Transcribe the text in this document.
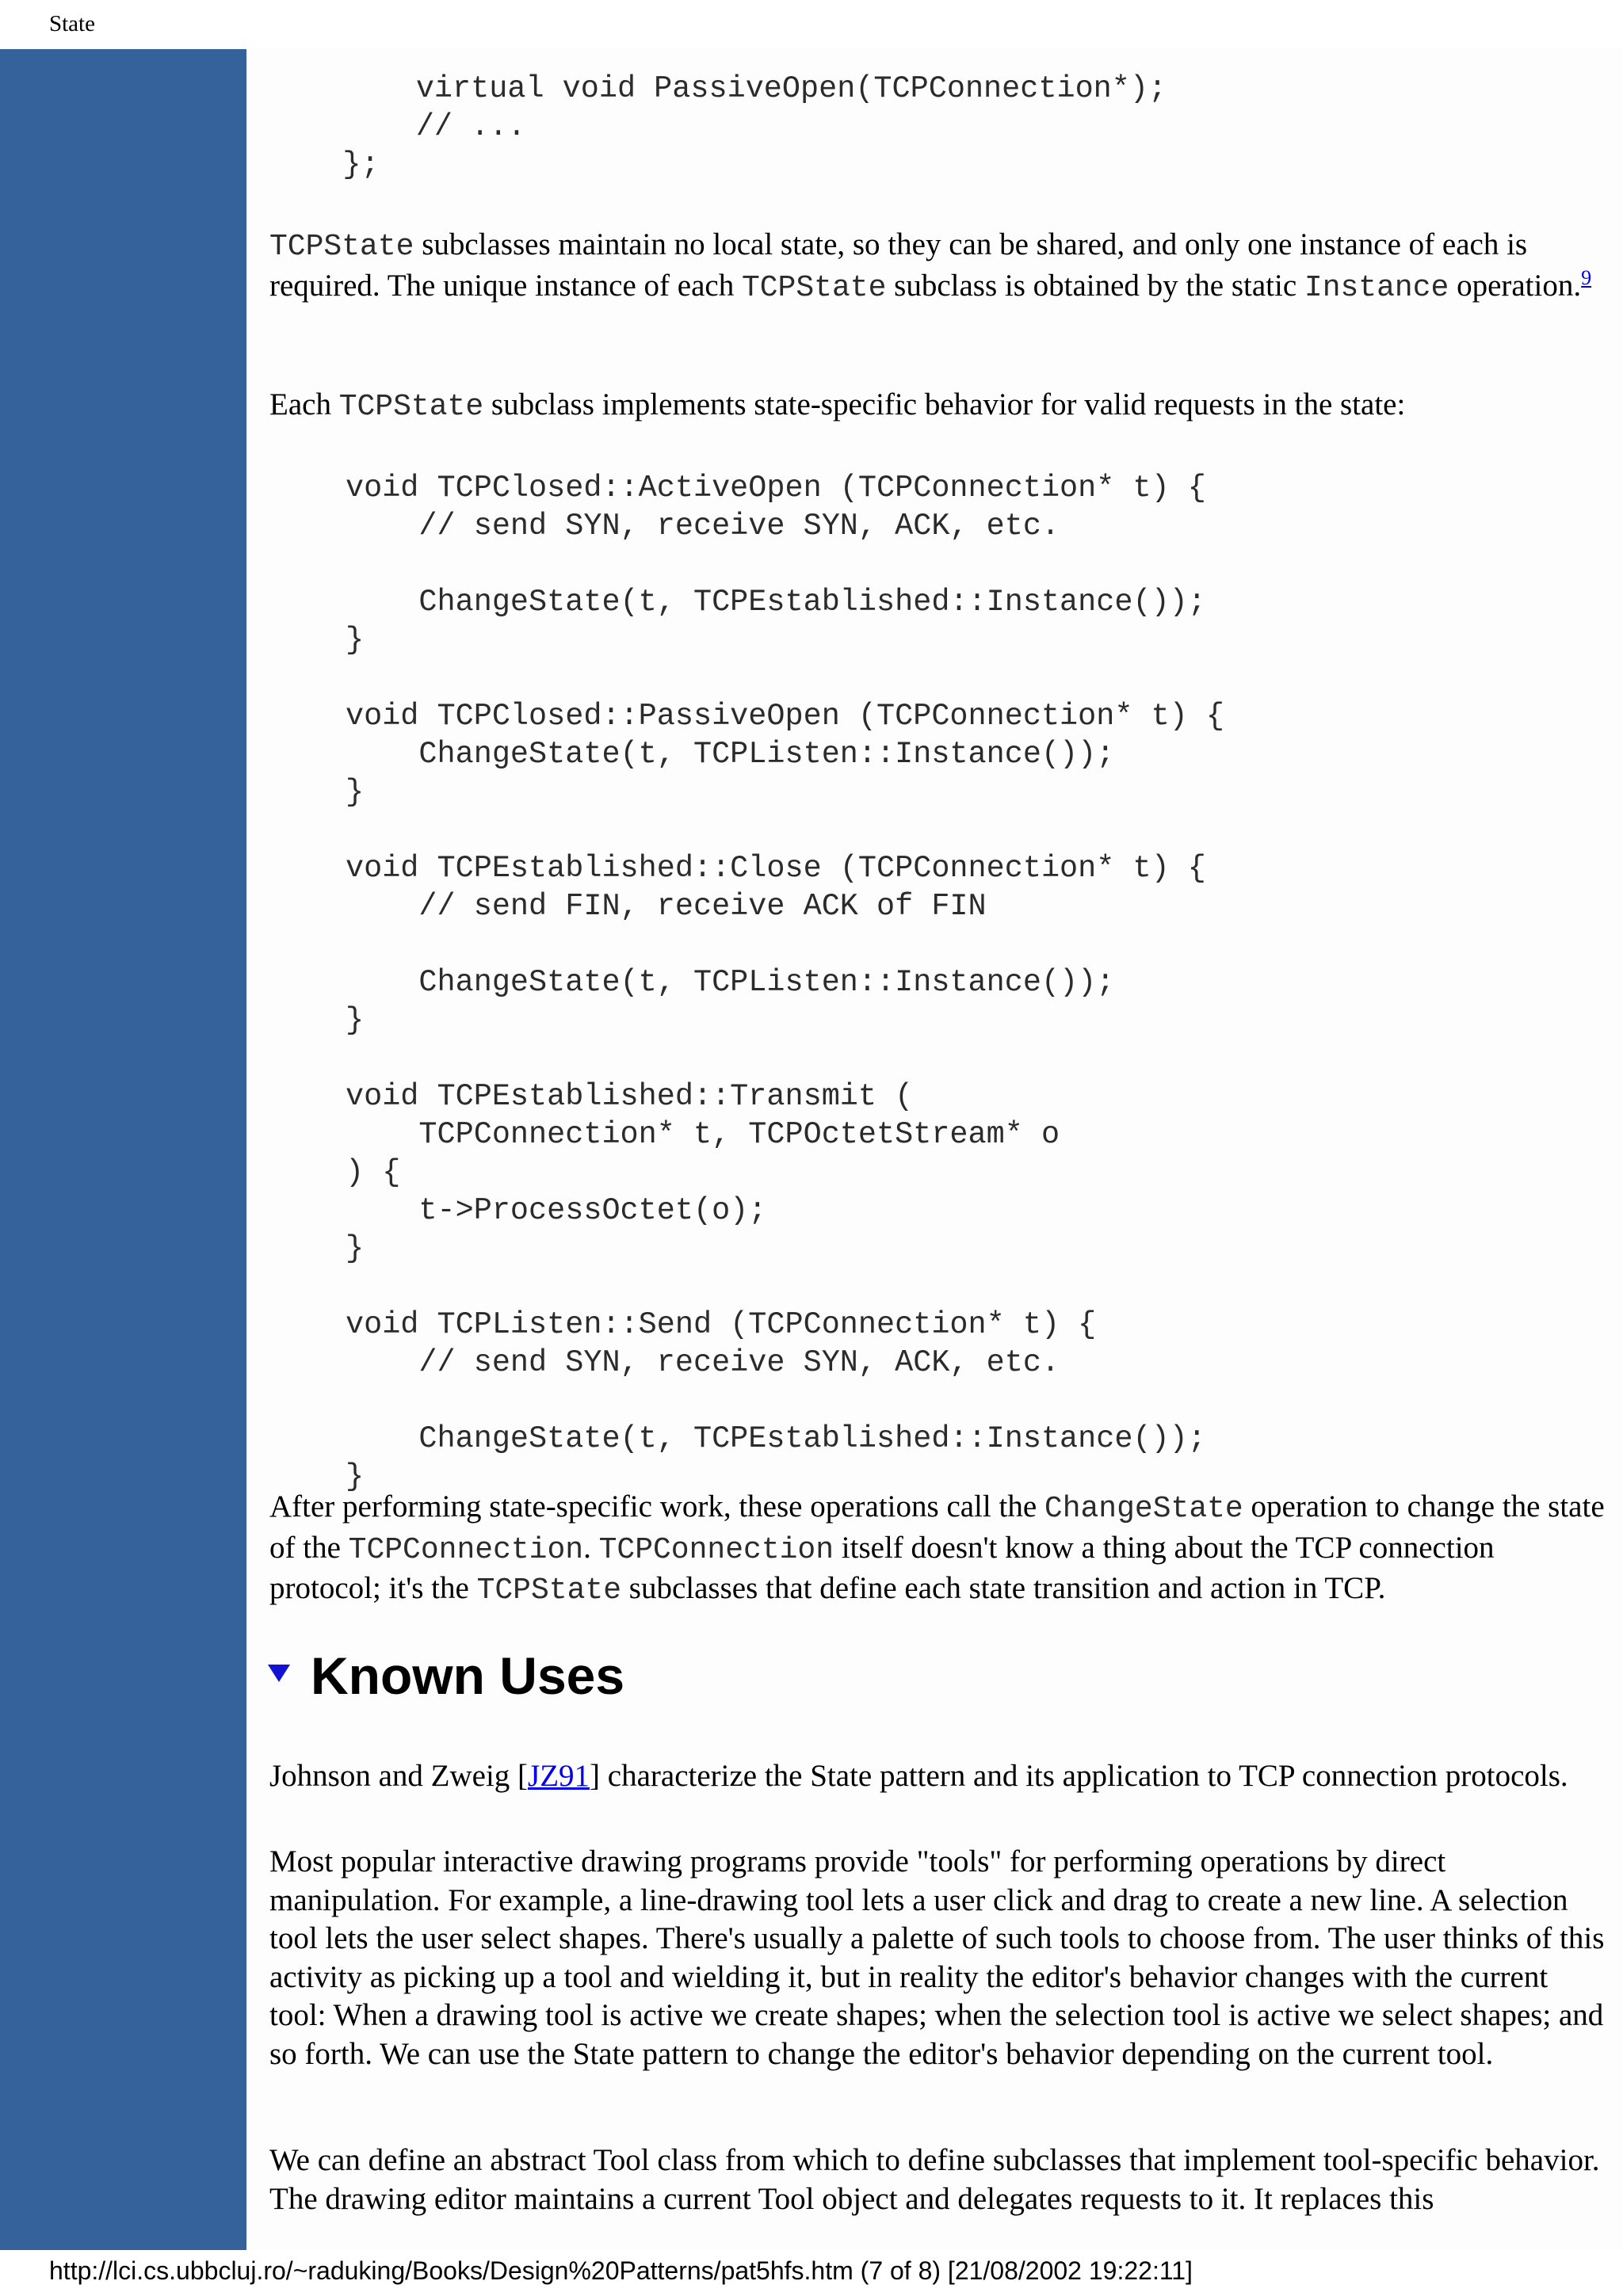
State
virtual void PassiveOpen(TCPConnection*);
// ...
};

TCPState subclasses maintain no local state, so they can be shared, and only one instance of each is required. The unique instance of each TCPState subclass is obtained by the static Instance operation.$^9$

Each TCPState subclass implements state-specific behavior for valid requests in the state:

void TCPClosed::ActiveOpen (TCPConnection* t) {
// send SYN, receive SYN, ACK, etc.

ChangeState(t, TCPEstablished::Instance());
}

void TCPClosed::PassiveOpen (TCPConnection* t) {
ChangeState(t, TCPListen::Instance());
}

void TCPEstablished::Close (TCPConnection* t) {
// send FIN, receive ACK of FIN

ChangeState(t, TCPListen::Instance());
}

void TCPEstablished::Transmit (
TCPConnection* t, TCPOctetStream* o
) {
t->ProcessOctet(o);
}

void TCPListen::Send (TCPConnection* t) {
// send SYN, receive SYN, ACK, etc.

ChangeState(t, TCPEstablished::Instance());
}

After performing state-specific work, these operations call the ChangeState operation to change the state of the TCPConnection. TCPConnection itself doesn't know a thing about the TCP connection protocol; it's the TCPState subclasses that define each state transition and action in TCP.

Known Uses

Johnson and Zweig [JZ91] characterize the State pattern and its application to TCP connection protocols.

Most popular interactive drawing programs provide "tools" for performing operations by direct manipulation. For example, a line-drawing tool lets a user click and drag to create a new line. A selection tool lets the user select shapes. There's usually a palette of such tools to choose from. The user thinks of this activity as picking up a tool and wielding it, but in reality the editor's behavior changes with the current tool: When a drawing tool is active we create shapes; when the selection tool is active we select shapes; and so forth. We can use the State pattern to change the editor's behavior depending on the current tool.

We can define an abstract Tool class from which to define subclasses that implement tool-specific behavior. The drawing editor maintains a current Tool object and delegates requests to it. It replaces this

http://lci.cs.ubbcluj.ro/~raduking/Books/Design%20Patterns/pat5hfs.htm (7 of 8) [21/08/2002 19:22:11]
